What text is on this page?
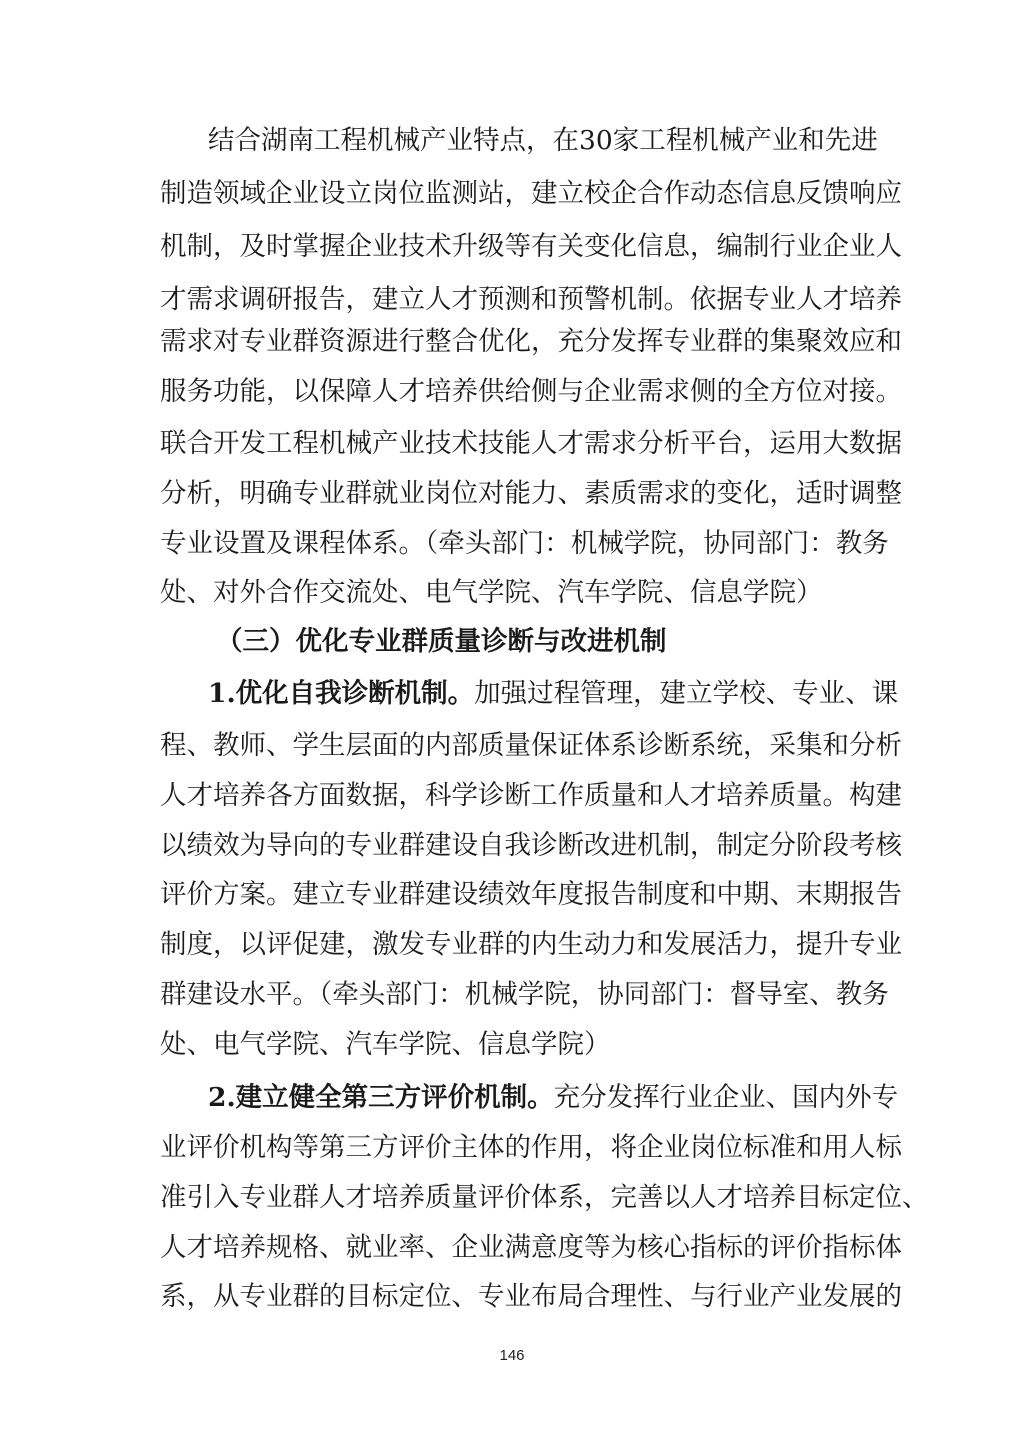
结合湖南工程机械产业特点，在30家工程机械产业和先进
制造领域企业设立岗位监测站，建立校企合作动态信息反馈响应
机制，及时掌握企业技术升级等有关变化信息，编制行业企业人
才需求调研报告，建立人才预测和预警机制。依据专业人才培养
需求对专业群资源进行整合优化，充分发挥专业群的集聚效应和
服务功能，以保障人才培养供给侧与企业需求侧的全方位对接。
联合开发工程机械产业技术技能人才需求分析平台，运用大数据
分析，明确专业群就业岗位对能力、素质需求的变化，适时调整
专业设置及课程体系。（牵头部门：机械学院，协同部门：教务
处、对外合作交流处、电气学院、汽车学院、信息学院）
（三）优化专业群质量诊断与改进机制
1.优化自我诊断机制。加强过程管理，建立学校、专业、课
程、教师、学生层面的内部质量保证体系诊断系统，采集和分析
人才培养各方面数据，科学诊断工作质量和人才培养质量。构建
以绩效为导向的专业群建设自我诊断改进机制，制定分阶段考核
评价方案。建立专业群建设绩效年度报告制度和中期、末期报告
制度，以评促建，激发专业群的内生动力和发展活力，提升专业
群建设水平。（牵头部门：机械学院，协同部门：督导室、教务
处、电气学院、汽车学院、信息学院）
2.建立健全第三方评价机制。充分发挥行业企业、国内外专
业评价机构等第三方评价主体的作用，将企业岗位标准和用人标
准引入专业群人才培养质量评价体系，完善以人才培养目标定位、
人才培养规格、就业率、企业满意度等为核心指标的评价指标体
系，从专业群的目标定位、专业布局合理性、与行业产业发展的
146
